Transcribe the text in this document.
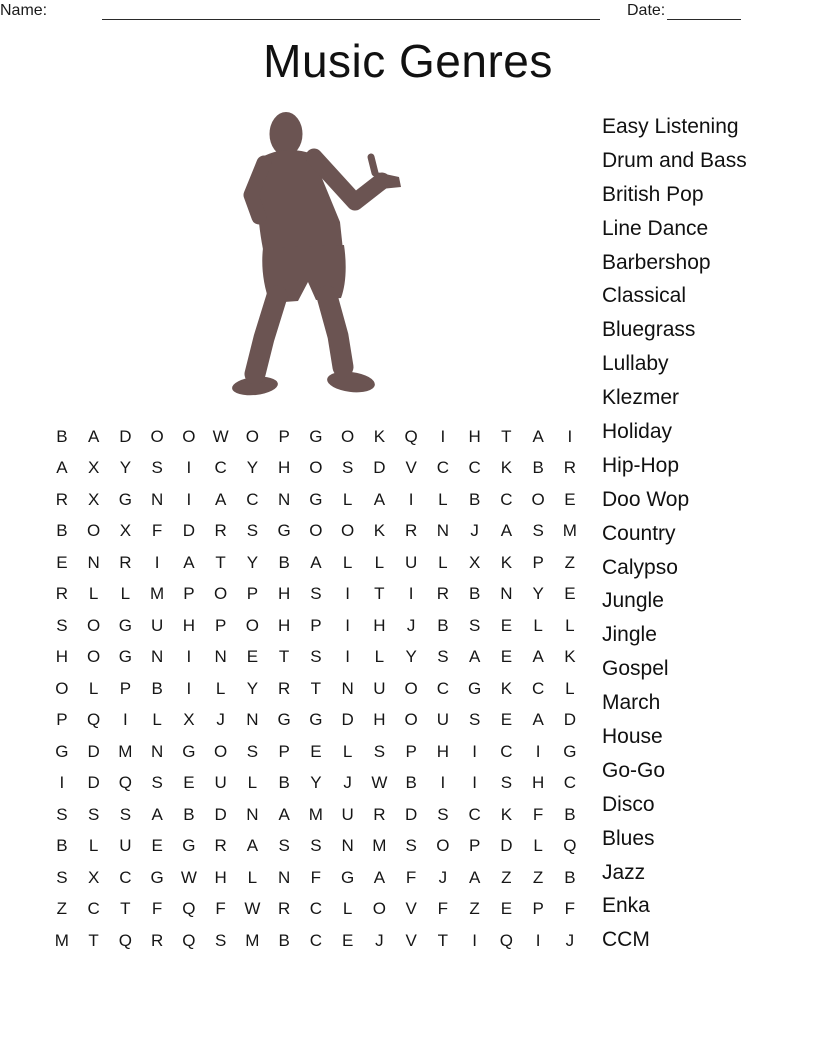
Name:	Date:
Music Genres
Easy Listening
Drum and Bass
British Pop
Line Dance
Barbershop
Classical
Bluegrass
Lullaby
Klezmer
Holiday
Hip-Hop
Doo Wop
Country
Calypso
Jungle
Jingle
Gospel
March
House
Go-Go
Disco
Blues
Jazz
Enka
CCM
B	A	D	O	O	W	O	P	G	O	K	Q	I	H	T	A	I
A	X	Y	S	I	C	Y	H	O	S	D	V	C	C	K	B	R
R	X	G	N	I	A	C	N	G	L	A	I	L	B	C	O	E
B	O	X	F	D	R	S	G	O	O	K	R	N	J	A	S	M
E	N	R	I	A	T	Y	B	A	L	L	U	L	X	K	P	Z
R	L	L	M	P	O	P	H	S	I	T	I	R	B	N	Y	E
S	O	G	U	H	P	O	H	P	I	H	J	B	S	E	L	L
H	O	G	N	I	N	E	T	S	I	L	Y	S	A	E	A	K
O	L	P	B	I	L	Y	R	T	N	U	O	C	G	K	C	L
P	Q	I	L	X	J	N	G	G	D	H	O	U	S	E	A	D
G	D	M	N	G	O	S	P	E	L	S	P	H	I	C	I	G
I	D	Q	S	E	U	L	B	Y	J	W	B	I	I	S	H	C
S	S	S	A	B	D	N	A	M	U	R	D	S	C	K	F	B
B	L	U	E	G	R	A	S	S	N	M	S	O	P	D	L	Q
S	X	C	G	W	H	L	N	F	G	A	F	J	A	Z	Z	B
Z	C	T	F	Q	F	W	R	C	L	O	V	F	Z	E	P	F
M	T	Q	R	Q	S	M	B	C	E	J	V	T	I	Q	I	J
